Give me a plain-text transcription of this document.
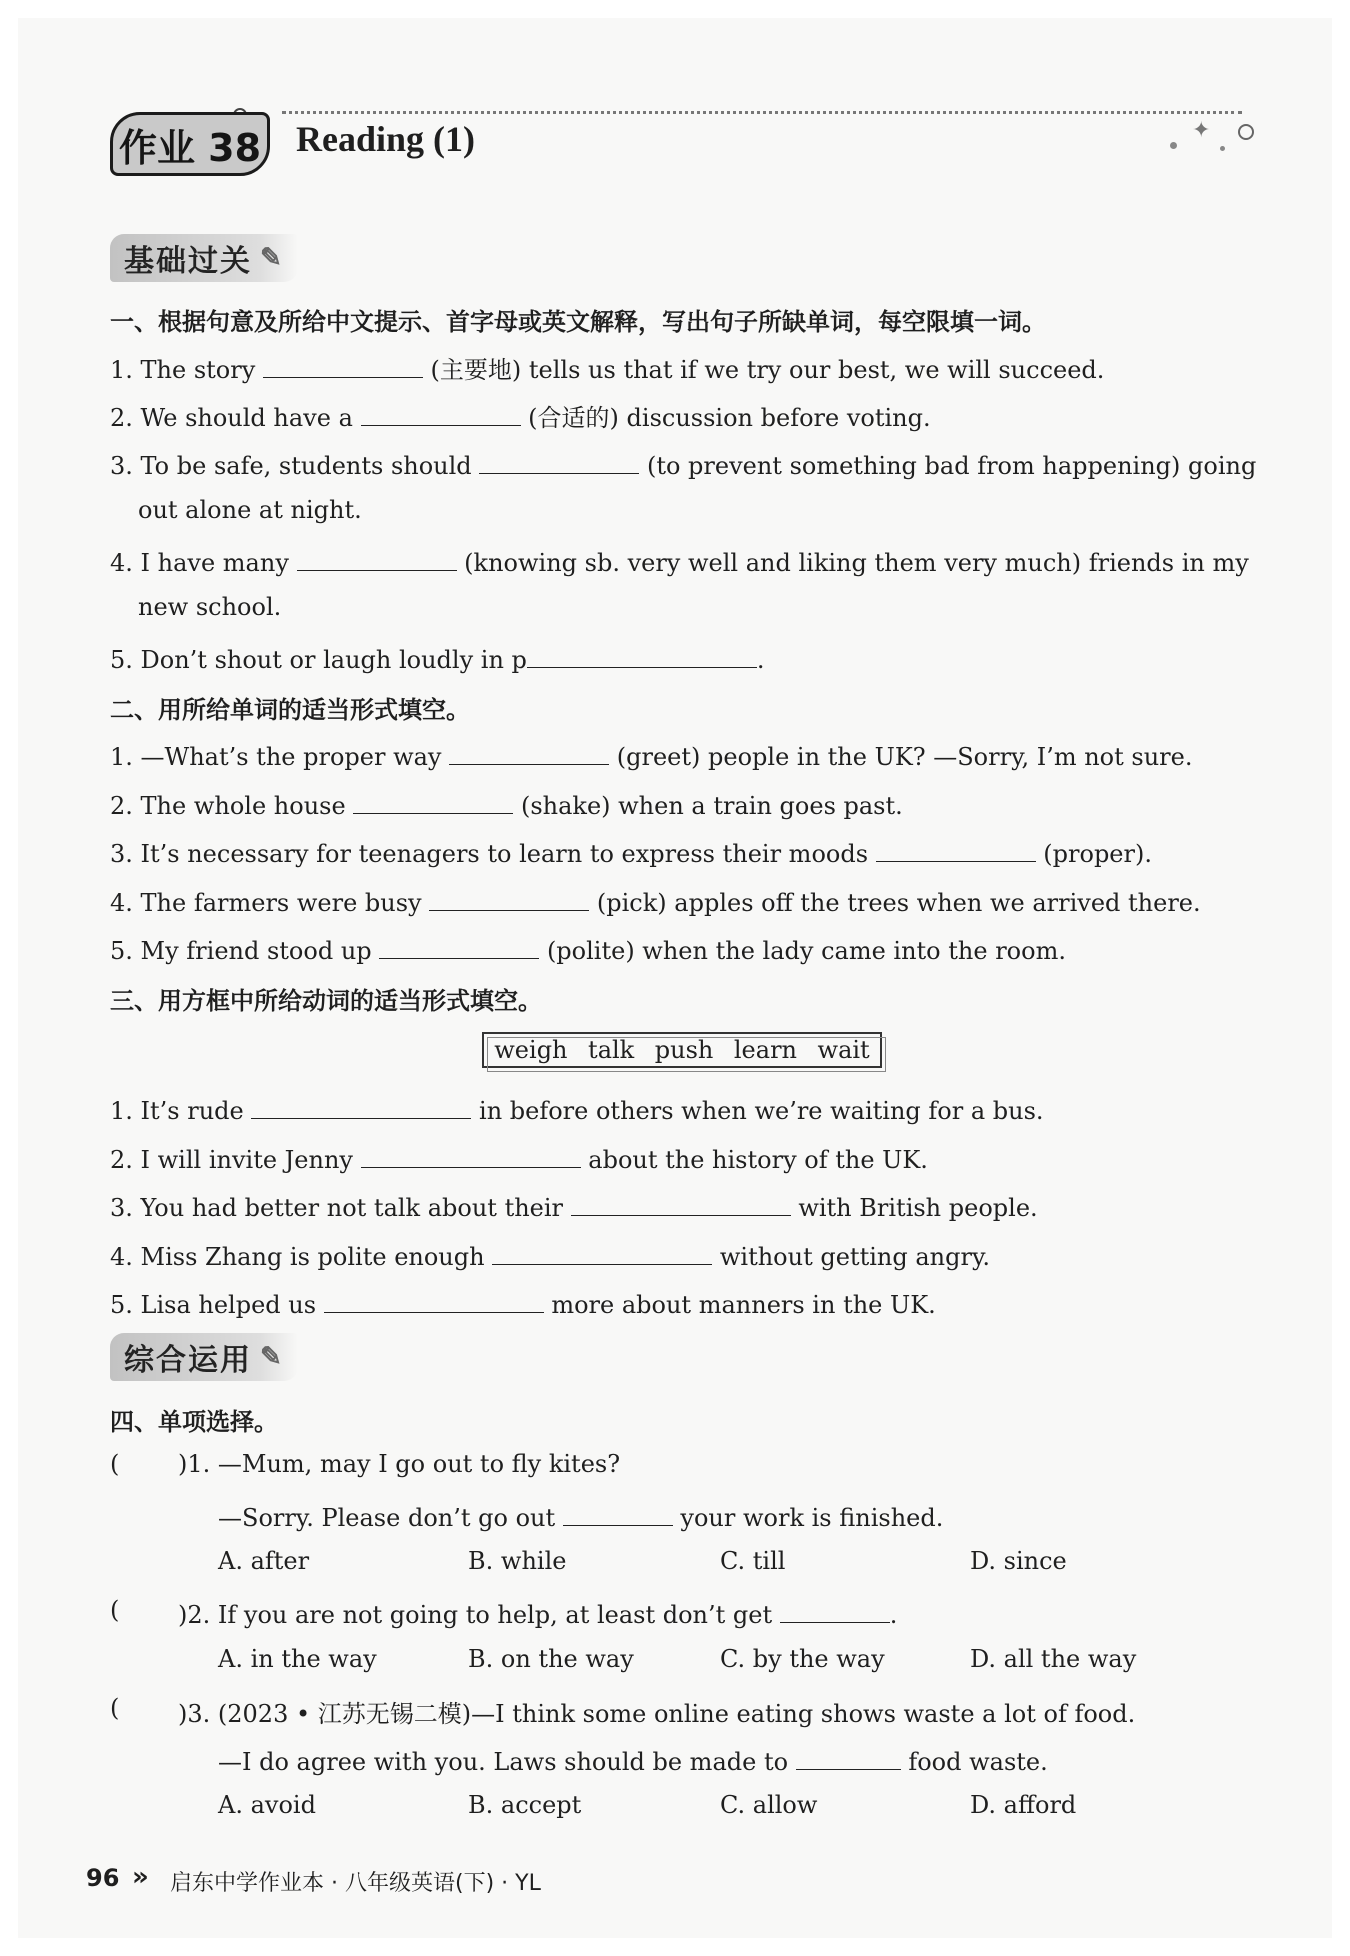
作业 38 Reading (1)	✦
基础过关 ✎
一、根据句意及所给中文提示、首字母或英文解释，写出句子所缺单词，每空限填一词。
1. The story	(主要地) tells us that if we try our best, we will succeed.
2. We should have a	(合适的) discussion before voting.
3. To be safe, students should	(to prevent something bad from happening) going
out alone at night.
4. I have many	(knowing sb. very well and liking them very much) friends in my
new school.
5. Don’t shout or laugh loudly in p	.
二、用所给单词的适当形式填空。
1. —What’s the proper way	(greet) people in the UK? —Sorry, I’m not sure.
2. The whole house	(shake) when a train goes past.
3. It’s necessary for teenagers to learn to express their moods	(proper).
4. The farmers were busy	(pick) apples off the trees when we arrived there.
5. My friend stood up	(polite) when the lady came into the room.
三、用方框中所给动词的适当形式填空。
weigh talk push learn wait
1. It’s rude	in before others when we’re waiting for a bus.
2. I will invite Jenny	about the history of the UK.
3. You had better not talk about their	with British people.
4. Miss Zhang is polite enough	without getting angry.
5. Lisa helped us	more about manners in the UK.
综合运用 ✎
四、单项选择。
( )1. —Mum, may I go out to fly kites?
—Sorry. Please don’t go out	your work is finished.
A. after	B. while	C. till	D. since
( )2. If you are not going to help, at least don’t get	.
A. in the way	B. on the way	C. by the way	D. all the way
( )3. (2023 • 江苏无锡二模)—I think some online eating shows waste a lot of food.
—I do agree with you. Laws should be made to	food waste.
A. avoid	B. accept	C. allow	D. afford
96 » 启东中学作业本 · 八年级英语(下) · YL
